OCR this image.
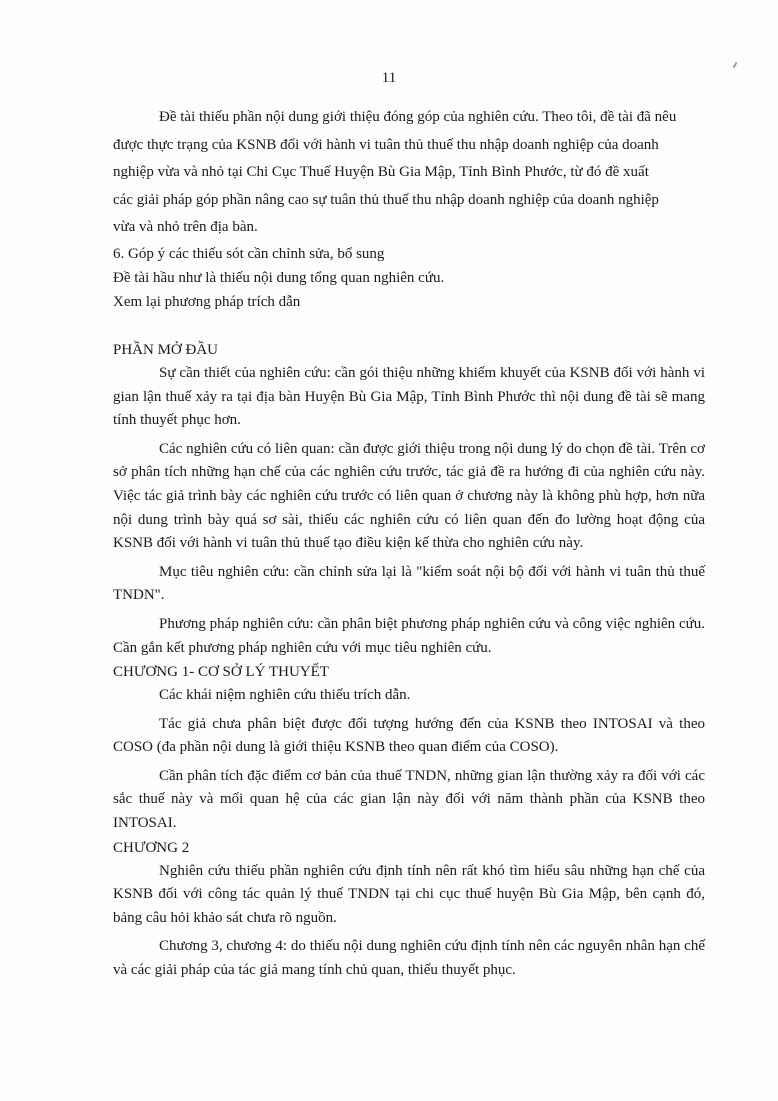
11

Đề tài thiếu phần nội dung giới thiệu đóng góp của nghiên cứu. Theo tôi, đề tài đã nêu

được thực trạng của KSNB đối với hành vi tuân thủ thuế thu nhập doanh nghiệp của doanh

nghiệp vừa và nhỏ tại Chi Cục Thuế Huyện Bù Gia Mập, Tỉnh Bình Phước, từ đó đề xuất

các giải pháp góp phần nâng cao sự tuân thủ thuế thu nhập doanh nghiệp của doanh nghiệp

vừa và nhỏ trên địa bàn.

6. Góp ý các thiếu sót cần chỉnh sửa, bổ sung

Đề tài hầu như là thiếu nội dung tổng quan nghiên cứu.

Xem lại phương pháp trích dẫn

PHẦN MỞ ĐẦU

Sự cần thiết của nghiên cứu: cần gói thiệu những khiếm khuyết của KSNB đối với hành vi gian lận thuế xảy ra tại địa bàn Huyện Bù Gia Mập, Tỉnh Bình Phước thì nội dung đề tài sẽ mang tính thuyết phục hơn.

Các nghiên cứu có liên quan: cần được giới thiệu trong nội dung lý do chọn đề tài. Trên cơ sở phân tích những hạn chế của các nghiên cứu trước, tác giả đề ra hướng đi của nghiên cứu này. Việc tác giả trình bày các nghiên cứu trước có liên quan ở chương này là không phù hợp, hơn nữa nội dung trình bày quá sơ sài, thiếu các nghiên cứu có liên quan đến đo lường hoạt động của KSNB đối với hành vi tuân thủ thuế tạo điều kiện kế thừa cho nghiên cứu này.

Mục tiêu nghiên cứu: cần chỉnh sửa lại là "kiểm soát nội bộ đối với hành vi tuân thủ thuế TNDN".

Phương pháp nghiên cứu: cần phân biệt phương pháp nghiên cứu và công việc nghiên cứu. Cần gắn kết phương pháp nghiên cứu với mục tiêu nghiên cứu.

CHƯƠNG 1- CƠ SỞ LÝ THUYẾT

Các khái niệm nghiên cứu thiếu trích dẫn.

Tác giả chưa phân biệt được đối tượng hướng đến của KSNB theo INTOSAI và theo COSO (đa phần nội dung là giới thiệu KSNB theo quan điểm của COSO).

Cần phân tích đặc điểm cơ bản của thuế TNDN, những gian lận thường xảy ra đối với các sắc thuế này và mối quan hệ của các gian lận này đối với năm thành phần của KSNB theo INTOSAI.

CHƯƠNG 2

Nghiên cứu thiếu phần nghiên cứu định tính nên rất khó tìm hiểu sâu những hạn chế của KSNB đối với công tác quản lý thuế TNDN tại chi cục thuế huyện Bù Gia Mập, bên cạnh đó, bảng câu hỏi khảo sát chưa rõ nguồn.

Chương 3, chương 4: do thiếu nội dung nghiên cứu định tính nên các nguyên nhân hạn chế và các giải pháp của tác giả mang tính chủ quan, thiếu thuyết phục.
